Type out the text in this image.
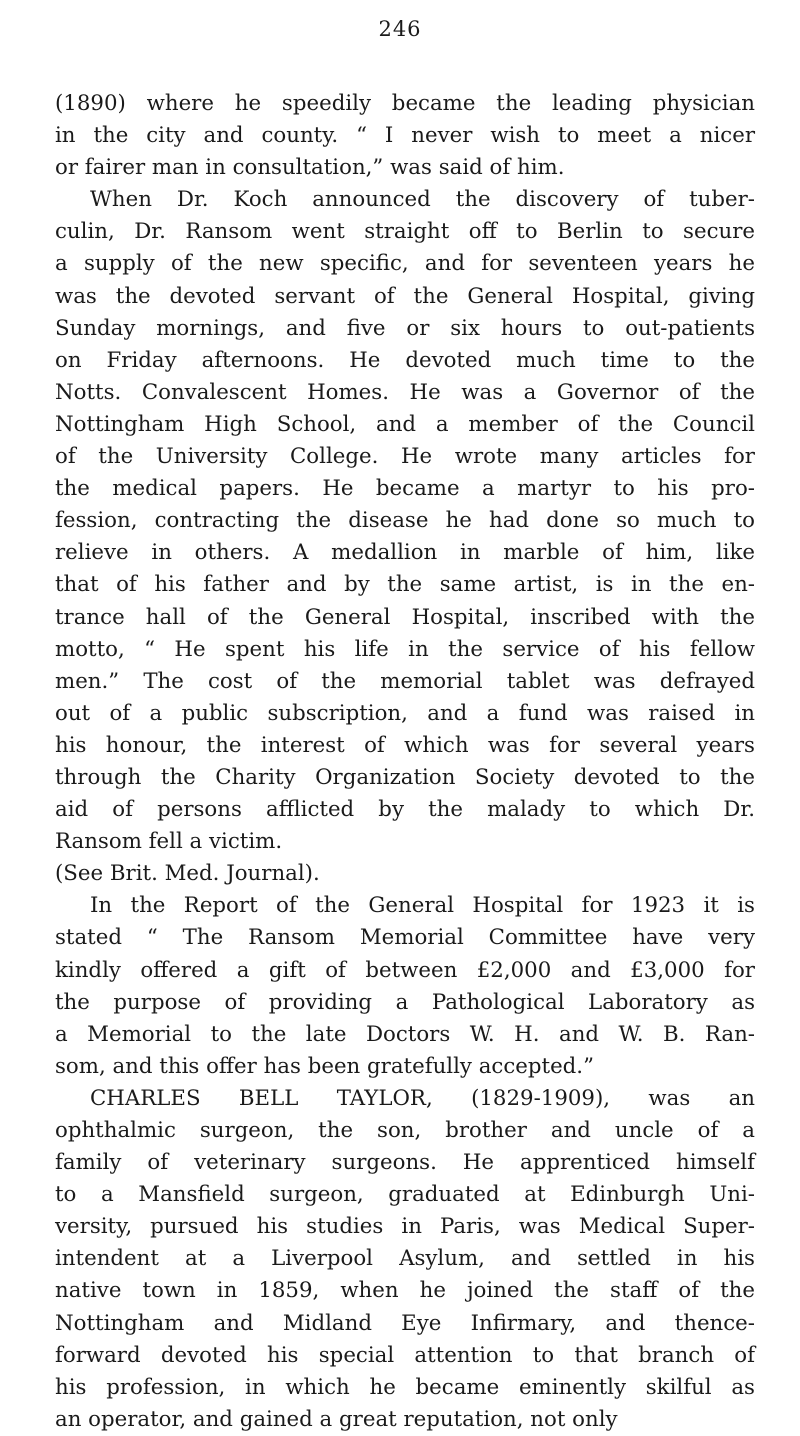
246
(1890) where he speedily became the leading physician
in the city and county. “ I never wish to meet a nicer
or fairer man in consultation,” was said of him.
When Dr. Koch announced the discovery of tuber-
culin, Dr. Ransom went straight off to Berlin to secure
a supply of the new specific, and for seventeen years he
was the devoted servant of the General Hospital, giving
Sunday mornings, and five or six hours to out-patients
on Friday afternoons. He devoted much time to the
Notts. Convalescent Homes. He was a Governor of the
Nottingham High School, and a member of the Council
of the University College. He wrote many articles for
the medical papers. He became a martyr to his pro-
fession, contracting the disease he had done so much to
relieve in others. A medallion in marble of him, like
that of his father and by the same artist, is in the en-
trance hall of the General Hospital, inscribed with the
motto, “ He spent his life in the service of his fellow
men.” The cost of the memorial tablet was defrayed
out of a public subscription, and a fund was raised in
his honour, the interest of which was for several years
through the Charity Organization Society devoted to the
aid of persons afflicted by the malady to which Dr.
Ransom fell a victim.
(See Brit. Med. Journal).
In the Report of the General Hospital for 1923 it is
stated “ The Ransom Memorial Committee have very
kindly offered a gift of between £2,000 and £3,000 for
the purpose of providing a Pathological Laboratory as
a Memorial to the late Doctors W. H. and W. B. Ran-
som, and this offer has been gratefully accepted.”
CHARLES BELL TAYLOR, (1829-1909), was an
ophthalmic surgeon, the son, brother and uncle of a
family of veterinary surgeons. He apprenticed himself
to a Mansfield surgeon, graduated at Edinburgh Uni-
versity, pursued his studies in Paris, was Medical Super-
intendent at a Liverpool Asylum, and settled in his
native town in 1859, when he joined the staff of the
Nottingham and Midland Eye Infirmary, and thence-
forward devoted his special attention to that branch of
his profession, in which he became eminently skilful as
an operator, and gained a great reputation, not only
